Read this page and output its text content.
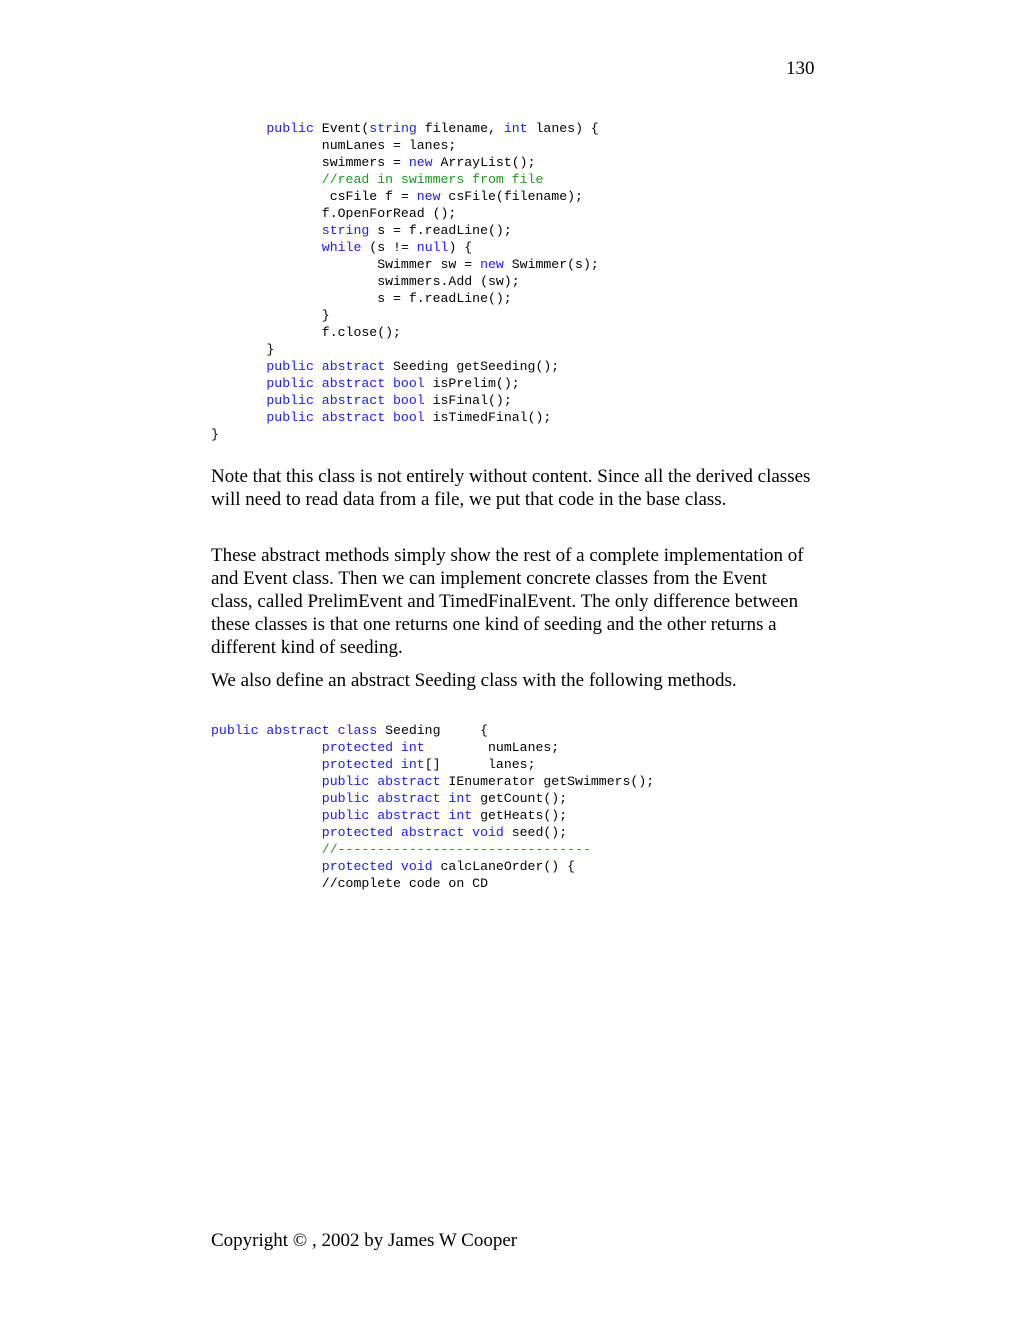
130
public Event(string filename, int lanes) {
numLanes = lanes;
swimmers = new ArrayList();
//read in swimmers from file
csFile f = new csFile(filename);
f.OpenForRead ();
string s = f.readLine();
while (s != null) {
Swimmer sw = new Swimmer(s);
swimmers.Add (sw);
s = f.readLine();
}
f.close();
}
public abstract Seeding getSeeding();
public abstract bool isPrelim();
public abstract bool isFinal();
public abstract bool isTimedFinal();
}

Note that this class is not entirely without content. Since all the derived classes will need to read data from a file, we put that code in the base class.

These abstract methods simply show the rest of a complete implementation of and Event class. Then we can implement concrete classes from the Event class, called PrelimEvent and TimedFinalEvent. The only difference between these classes is that one returns one kind of seeding and the other returns a different kind of seeding.

We also define an abstract Seeding class with the following methods.

public abstract class Seeding     {
protected int        numLanes;
protected int[]      lanes;
public abstract IEnumerator getSwimmers();
public abstract int getCount();
public abstract int getHeats();
protected abstract void seed();
//--------------------------------
protected void calcLaneOrder() {
//complete code on CD
Copyright © , 2002 by James W Cooper
